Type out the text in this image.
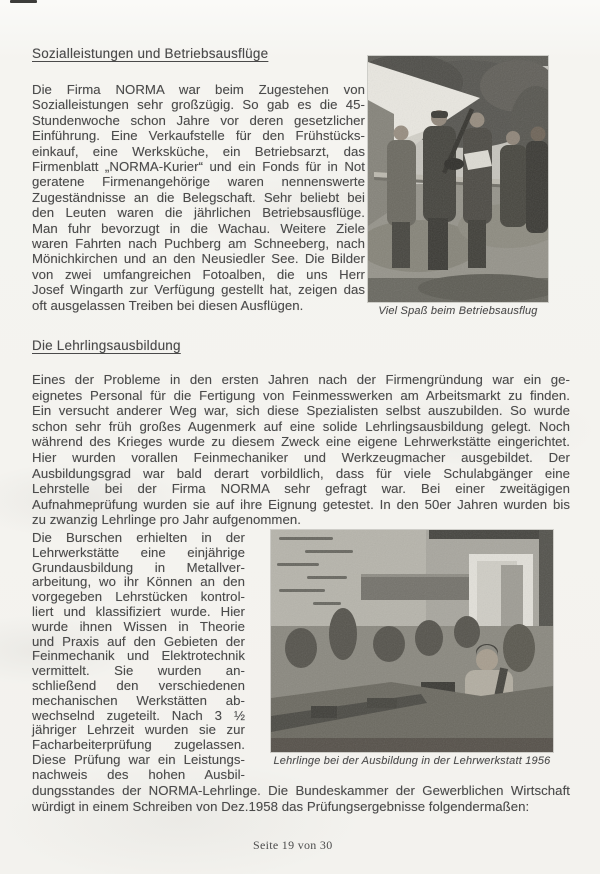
Sozialleistungen und Betriebsausflüge
Die Firma NORMA war beim Zugestehen von
Sozialleistungen sehr großzügig. So gab es die 45-
Stundenwoche schon Jahre vor deren gesetzlicher
Einführung. Eine Verkaufstelle für den Frühstücks-
einkauf, eine Werksküche, ein Betriebsarzt, das
Firmenblatt „NORMA-Kurier“ und ein Fonds für in Not
geratene Firmenangehörige waren nennenswerte
Zugeständnisse an die Belegschaft. Sehr beliebt bei
den Leuten waren die jährlichen Betriebsausflüge.
Man fuhr bevorzugt in die Wachau. Weitere Ziele
waren Fahrten nach Puchberg am Schneeberg, nach
Mönichkirchen und an den Neusiedler See. Die Bilder
von zwei umfangreichen Fotoalben, die uns Herr
Josef Wingarth zur Verfügung gestellt hat, zeigen das
oft ausgelassen Treiben bei diesen Ausflügen.	Viel Spaß beim Betriebsausflug
Die Lehrlingsausbildung
Eines der Probleme in den ersten Jahren nach der Firmengründung war ein ge-
eignetes Personal für die Fertigung von Feinmesswerken am Arbeitsmarkt zu finden.
Ein versucht anderer Weg war, sich diese Spezialisten selbst auszubilden. So wurde
schon sehr früh großes Augenmerk auf eine solide Lehrlingsausbildung gelegt. Noch
während des Krieges wurde zu diesem Zweck eine eigene Lehrwerkstätte eingerichtet.
Hier wurden vorallen Feinmechaniker und Werkzeugmacher ausgebildet. Der
Ausbildungsgrad war bald derart vorbildlich, dass für viele Schulabgänger eine
Lehrstelle bei der Firma NORMA sehr gefragt war. Bei einer zweitägigen
Aufnahmeprüfung wurden sie auf ihre Eignung getestet. In den 50er Jahren wurden bis
zu zwanzig Lehrlinge pro Jahr aufgenommen.
Die Burschen erhielten in der
Lehrwerkstätte eine einjährige
Grundausbildung in Metallver-
arbeitung, wo ihr Können an den
vorgegeben Lehrstücken kontrol-
liert und klassifiziert wurde. Hier
wurde ihnen Wissen in Theorie
und Praxis auf den Gebieten der
Feinmechanik und Elektrotechnik
vermittelt. Sie wurden an-
schließend den verschiedenen
mechanischen Werkstätten ab-
wechselnd zugeteilt. Nach 3 ½
jähriger Lehrzeit wurden sie zur
Facharbeiterprüfung zugelassen.
Diese Prüfung war ein Leistungs-
nachweis des hohen Ausbil-
Lehrlinge bei der Ausbildung in der Lehrwerkstatt 1956
dungsstandes der NORMA-Lehrlinge. Die Bundeskammer der Gewerblichen Wirtschaft
würdigt in einem Schreiben von Dez.1958 das Prüfungsergebnisse folgendermaßen:
Seite 19 von 30
